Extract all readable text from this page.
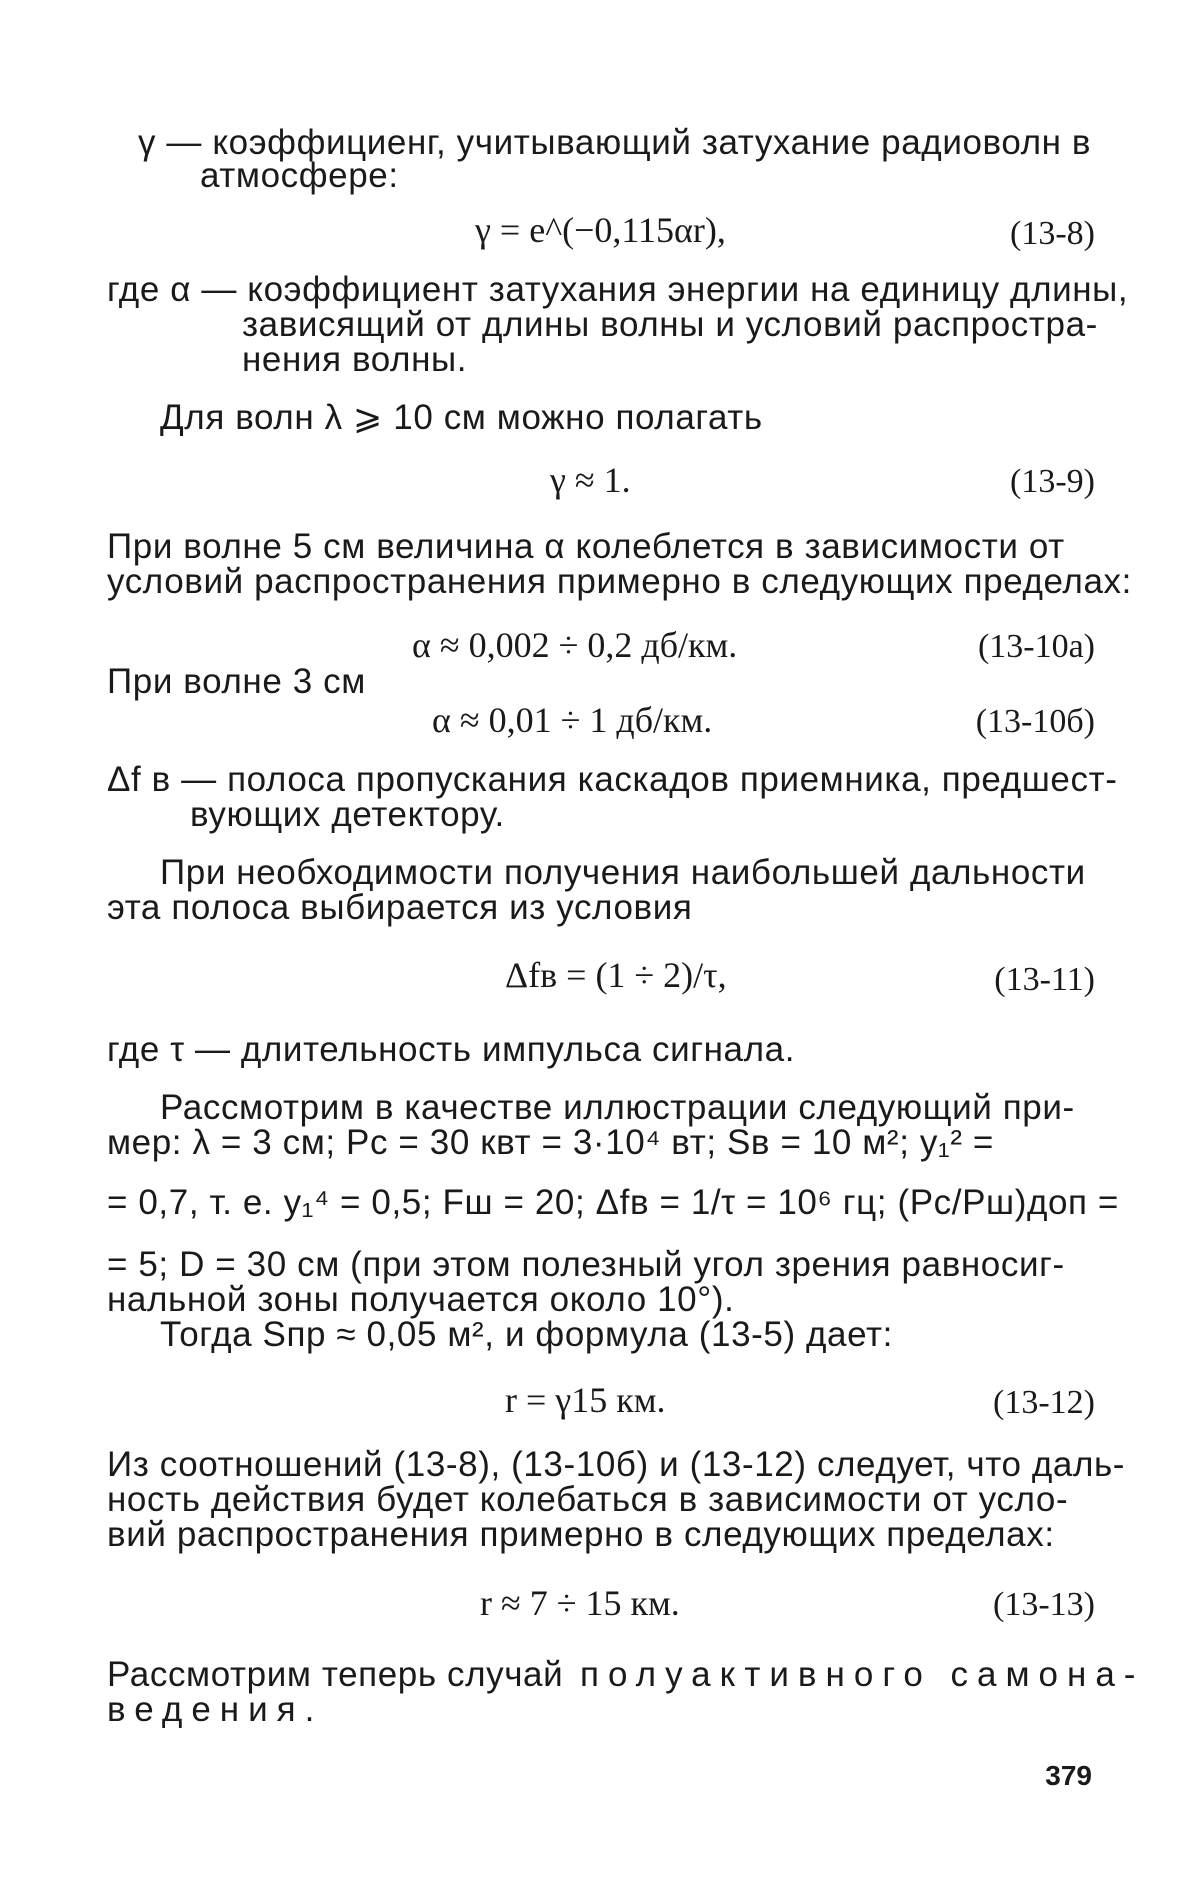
γ — коэффициенг, учитывающий затухание радиоволн в
атмосфере:
γ = e^(−0,115αr),	(13-8)
где α — коэффициент затухания энергии на единицу длины,
зависящий от длины волны и условий распростра-
нения волны.
Для волн λ ⩾ 10 см можно полагать
γ ≈ 1.	(13-9)
При волне 5 см величина α колеблется в зависимости от
условий распространения примерно в следующих пределах:
α ≈ 0,002 ÷ 0,2 дб/км.	(13-10а)
При волне 3 см
α ≈ 0,01 ÷ 1 дб/км.	(13-10б)
Δf в — полоса пропускания каскадов приемника, предшест-
вующих детектору.
При необходимости получения наибольшей дальности
эта полоса выбирается из условия
Δfв = (1 ÷ 2)/τ,	(13-11)
где τ — длительность импульса сигнала.
Рассмотрим в качестве иллюстрации следующий при-
мер: λ = 3 см; Pс = 30 квт = 3·10⁴ вт; Sв = 10 м²; y₁² =
= 0,7, т. е. y₁⁴ = 0,5; Fш = 20; Δfв = 1/τ = 10⁶ гц; (Pс/Pш)доп =
= 5; D = 30 см (при этом полезный угол зрения равносиг-
нальной зоны получается около 10°).
Тогда Sпр ≈ 0,05 м², и формула (13-5) дает:
r = γ15 км.	(13-12)
Из соотношений (13-8), (13-10б) и (13-12) следует, что даль-
ность действия будет колебаться в зависимости от усло-
вий распространения примерно в следующих пределах:
r ≈ 7 ÷ 15 км.	(13-13)
Рассмотрим теперь случай полуактивного самона-
ведения.
379
